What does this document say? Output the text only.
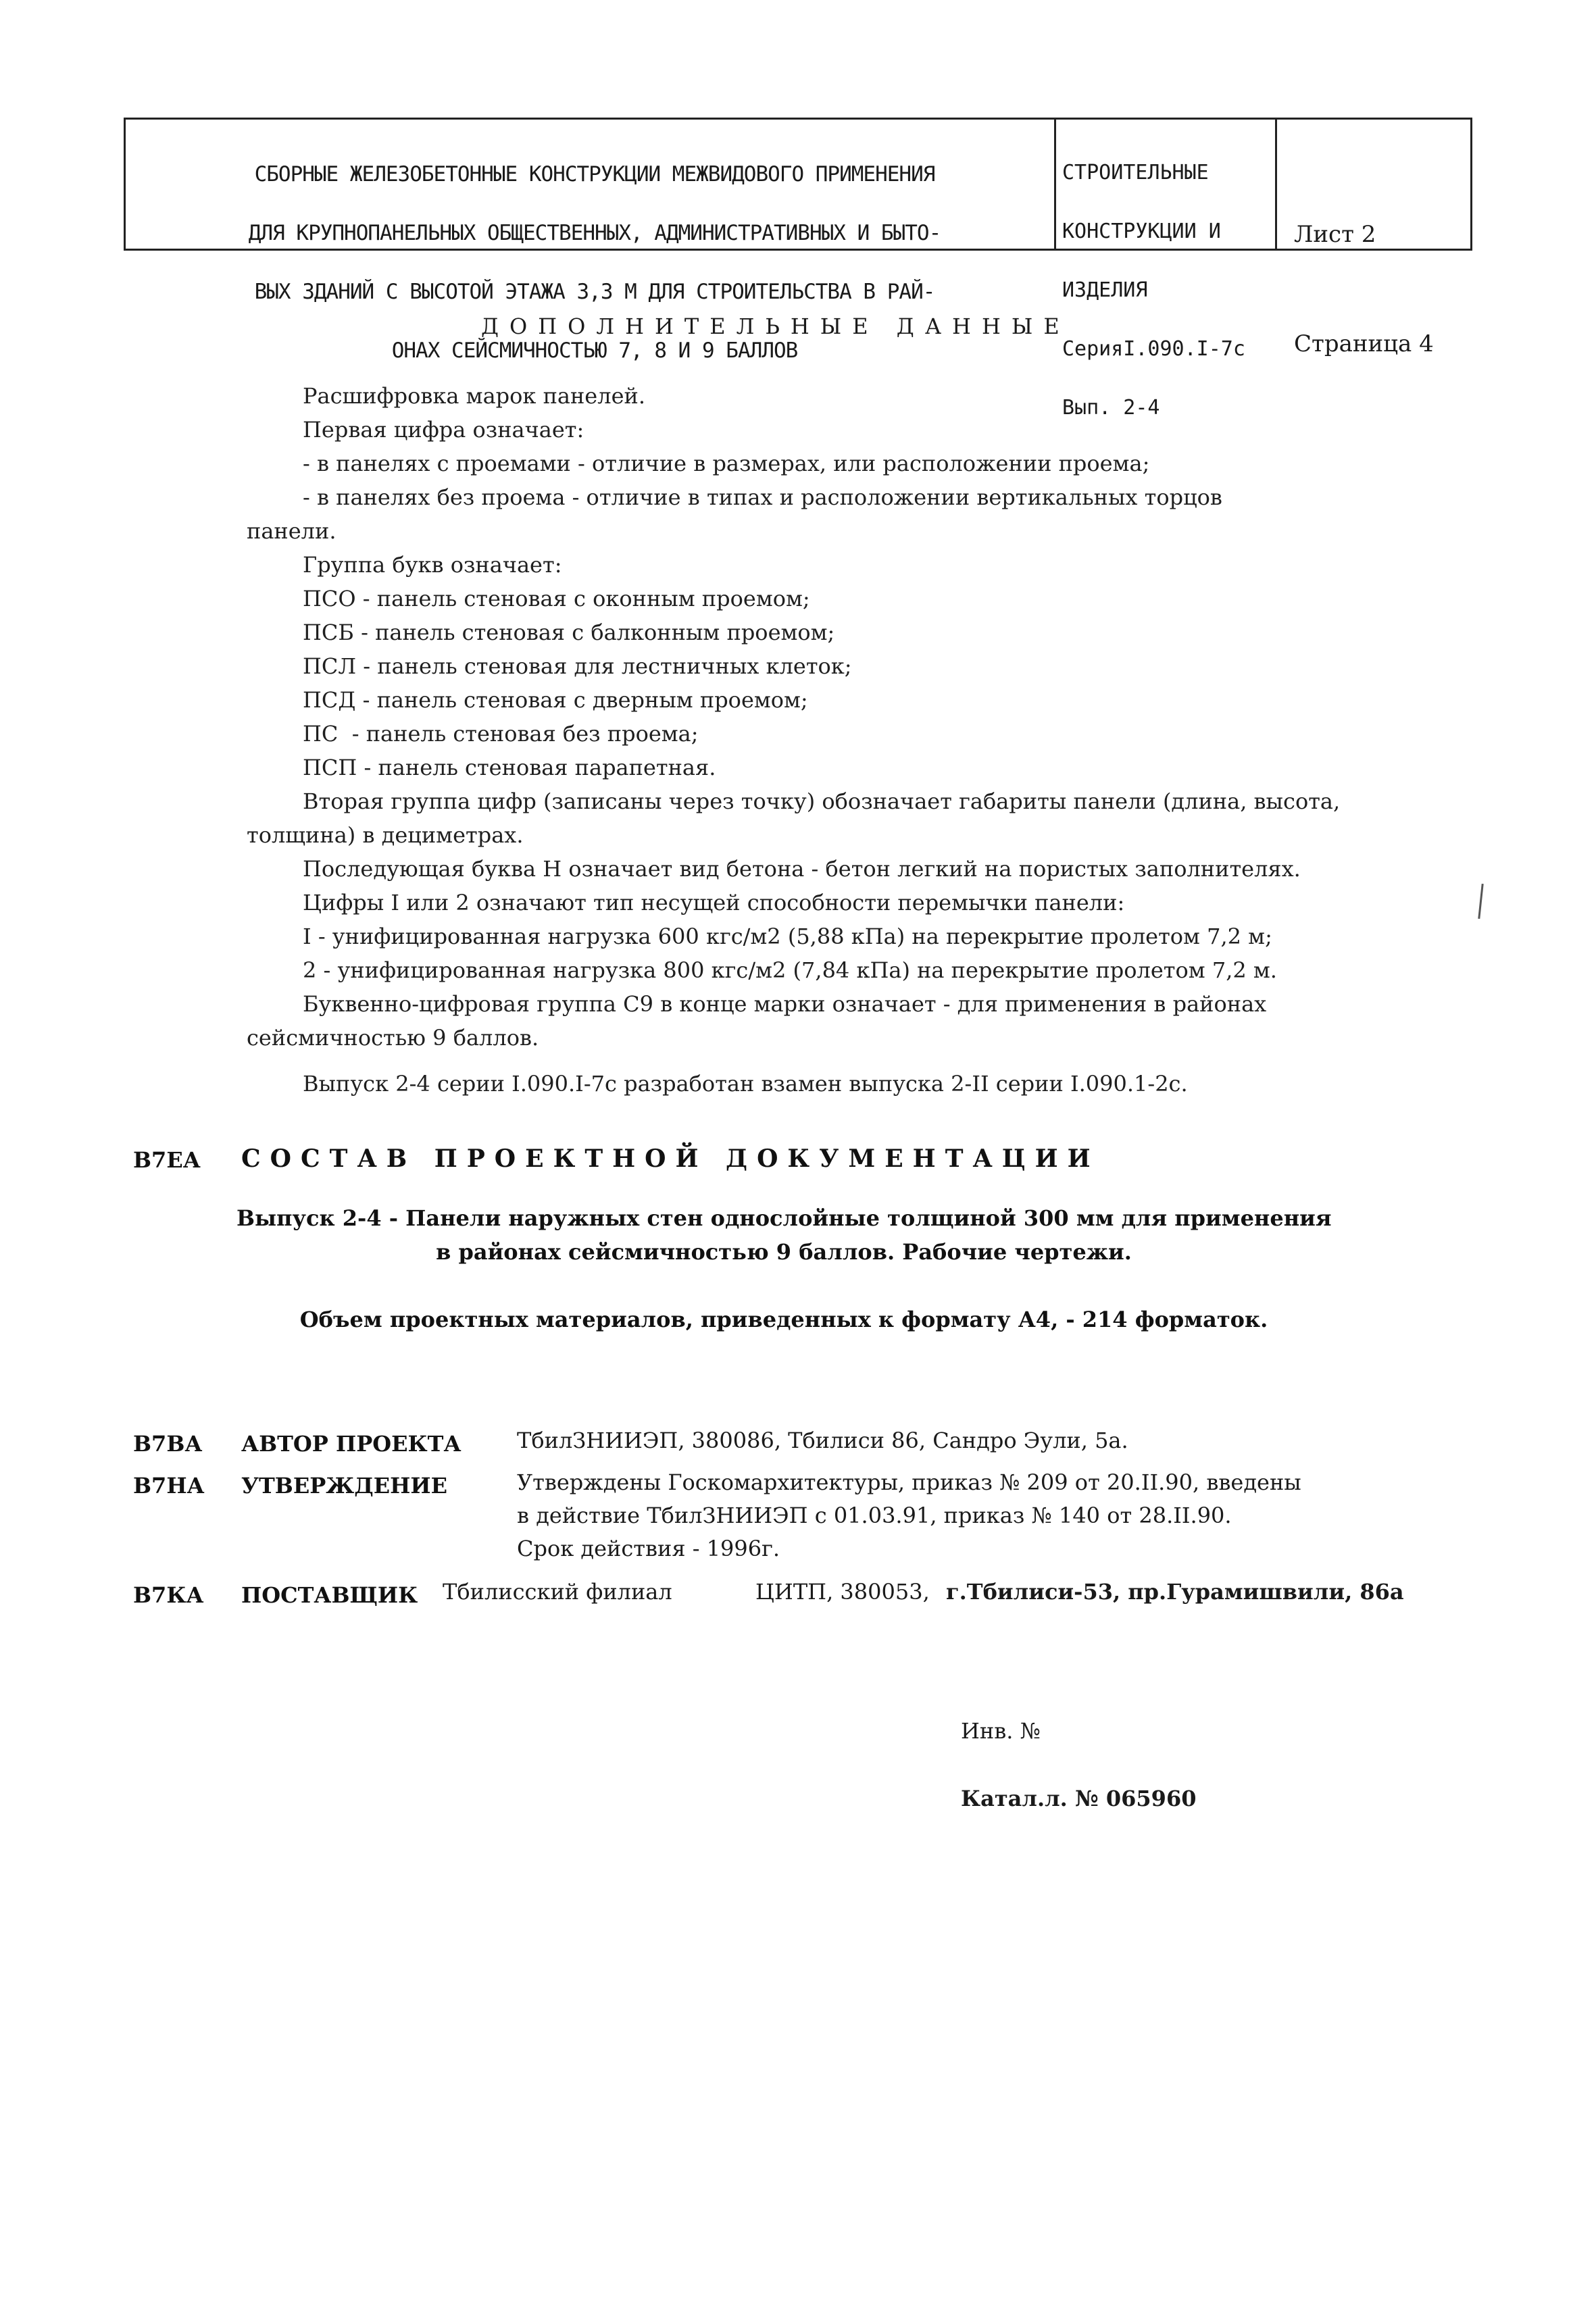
СБОРНЫЕ ЖЕЛЕЗОБЕТОННЫЕ КОНСТРУКЦИИ МЕЖВИДОВОГО ПРИМЕНЕНИЯ

ДЛЯ КРУПНОПАНЕЛЬНЫХ ОБЩЕСТВЕННЫХ, АДМИНИСТРАТИВНЫХ И БЫТО-

ВЫХ ЗДАНИЙ С ВЫСОТОЙ ЭТАЖА 3,3 М ДЛЯ СТРОИТЕЛЬСТВА В РАЙ-

ОНАХ СЕЙСМИЧНОСТЬЮ 7, 8 И 9 БАЛЛОВ

СТРОИТЕЛЬНЫЕ

КОНСТРУКЦИИ И

ИЗДЕЛИЯ

СерияI.090.I-7с

Вып. 2-4

Лист 2

Страница 4

ДОПОЛНИТЕЛЬНЫЕ ДАННЫЕ
Расшифровка марок панелей.
Первая цифра означает:
- в панелях с проемами - отличие в размерах, или расположении проема;
- в панелях без проема - отличие в типах и расположении вертикальных торцов
панели.
Группа букв означает:
ПСО - панель стеновая с оконным проемом;
ПСБ - панель стеновая с балконным проемом;
ПСЛ - панель стеновая для лестничных клеток;
ПСД - панель стеновая с дверным проемом;
ПС  - панель стеновая без проема;
ПСП - панель стеновая парапетная.
Вторая группа цифр (записаны через точку) обозначает габариты панели (длина, высота,
толщина) в дециметрах.
Последующая буква Н означает вид бетона - бетон легкий на пористых заполнителях.
Цифры I или 2 означают тип несущей способности перемычки панели:
I - унифицированная нагрузка 600 кгс/м2 (5,88 кПа) на перекрытие пролетом 7,2 м;
2 - унифицированная нагрузка 800 кгс/м2 (7,84 кПа) на перекрытие пролетом 7,2 м.
Буквенно-цифровая группа С9 в конце марки означает - для применения в районах
сейсмичностью 9 баллов.
Выпуск 2-4 серии I.090.I-7с разработан взамен выпуска 2-II серии I.090.1-2с.
В7ЕА СОСТАВ ПРОЕКТНОЙ ДОКУМЕНТАЦИИ
Выпуск 2-4 - Панели наружных стен однослойные толщиной 300 мм для применения
в районах сейсмичностью 9 баллов. Рабочие чертежи.
Объем проектных материалов, приведенных к формату А4, - 214 форматок.
В7ВА АВТОР ПРОЕКТА	ТбилЗНИИЭП, 380086, Тбилиси 86, Сандро Эули, 5а.
В7НА УТВЕРЖДЕНИЕ	Утверждены Госкомархитектуры, приказ № 209 от 20.II.90, введены
в действие ТбилЗНИИЭП с 01.03.91, приказ № 140 от 28.II.90.
Срок действия - 1996г.
В7КА ПОСТАВЩИК Тбилисский филиал	ЦИТП, 380053, г.Тбилиси-53, пр.Гурамишвили, 86а
Инв. №
Катал.л. № 065960
